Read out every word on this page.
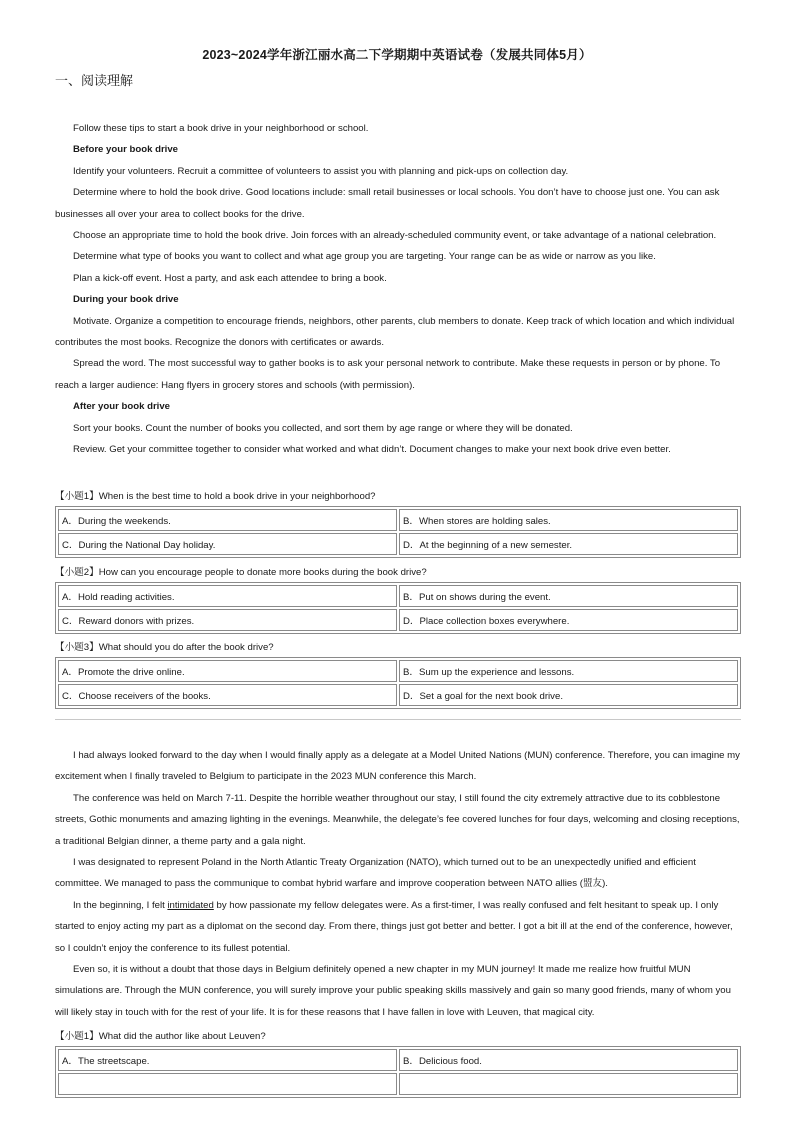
2023~2024学年浙江丽水高二下学期期中英语试卷（发展共同体5月）
一、阅读理解

Follow these tips to start a book drive in your neighborhood or school.

Before your book drive

Identify your volunteers. Recruit a committee of volunteers to assist you with planning and pick-ups on collection day.

Determine where to hold the book drive. Good locations include: small retail businesses or local schools. You don’t have to choose just one. You can ask businesses all over your area to collect books for the drive.

Choose an appropriate time to hold the book drive. Join forces with an already-scheduled community event, or take advantage of a national celebration.

Determine what type of books you want to collect and what age group you are targeting. Your range can be as wide or narrow as you like.

Plan a kick-off event. Host a party, and ask each attendee to bring a book.

During your book drive

Motivate. Organize a competition to encourage friends, neighbors, other parents, club members to donate. Keep track of which location and which individual contributes the most books. Recognize the donors with certificates or awards.

Spread the word. The most successful way to gather books is to ask your personal network to contribute. Make these requests in person or by phone. To reach a larger audience: Hang flyers in grocery stores and schools (with permission).

After your book drive

Sort your books. Count the number of books you collected, and sort them by age range or where they will be donated.

Review. Get your committee together to consider what worked and what didn’t. Document changes to make your next book drive even better.

【小题1】When is the best time to hold a book drive in your neighborhood?
A．During the weekends.	B．When stores are holding sales.
C．During the National Day holiday.	D．At the beginning of a new semester.
【小题2】How can you encourage people to donate more books during the book drive?
A．Hold reading activities.	B．Put on shows during the event.
C．Reward donors with prizes.	D．Place collection boxes everywhere.
【小题3】What should you do after the book drive?
A．Promote the drive online.	B．Sum up the experience and lessons.
C．Choose receivers of the books.	D．Set a goal for the next book drive.

I had always looked forward to the day when I would finally apply as a delegate at a Model United Nations (MUN) conference. Therefore, you can imagine my excitement when I finally traveled to Belgium to participate in the 2023 MUN conference this March.

The conference was held on March 7-11. Despite the horrible weather throughout our stay, I still found the city extremely attractive due to its cobblestone streets, Gothic monuments and amazing lighting in the evenings. Meanwhile, the delegate’s fee covered lunches for four days, welcoming and closing receptions, a traditional Belgian dinner, a theme party and a gala night.

I was designated to represent Poland in the North Atlantic Treaty Organization (NATO), which turned out to be an unexpectedly unified and efficient committee. We managed to pass the communique to combat hybrid warfare and improve cooperation between NATO allies (盟友).

In the beginning, I felt intimidated by how passionate my fellow delegates were. As a first-timer, I was really confused and felt hesitant to speak up. I only started to enjoy acting my part as a diplomat on the second day. From there, things just got better and better. I got a bit ill at the end of the conference, however, so I couldn’t enjoy the conference to its fullest potential.

Even so, it is without a doubt that those days in Belgium definitely opened a new chapter in my MUN journey! It made me realize how fruitful MUN simulations are. Through the MUN conference, you will surely improve your public speaking skills massively and gain so many good friends, many of whom you will likely stay in touch with for the rest of your life. It is for these reasons that I have fallen in love with Leuven, that magical city.

【小题1】What did the author like about Leuven?
A．The streetscape.	B．Delicious food.
